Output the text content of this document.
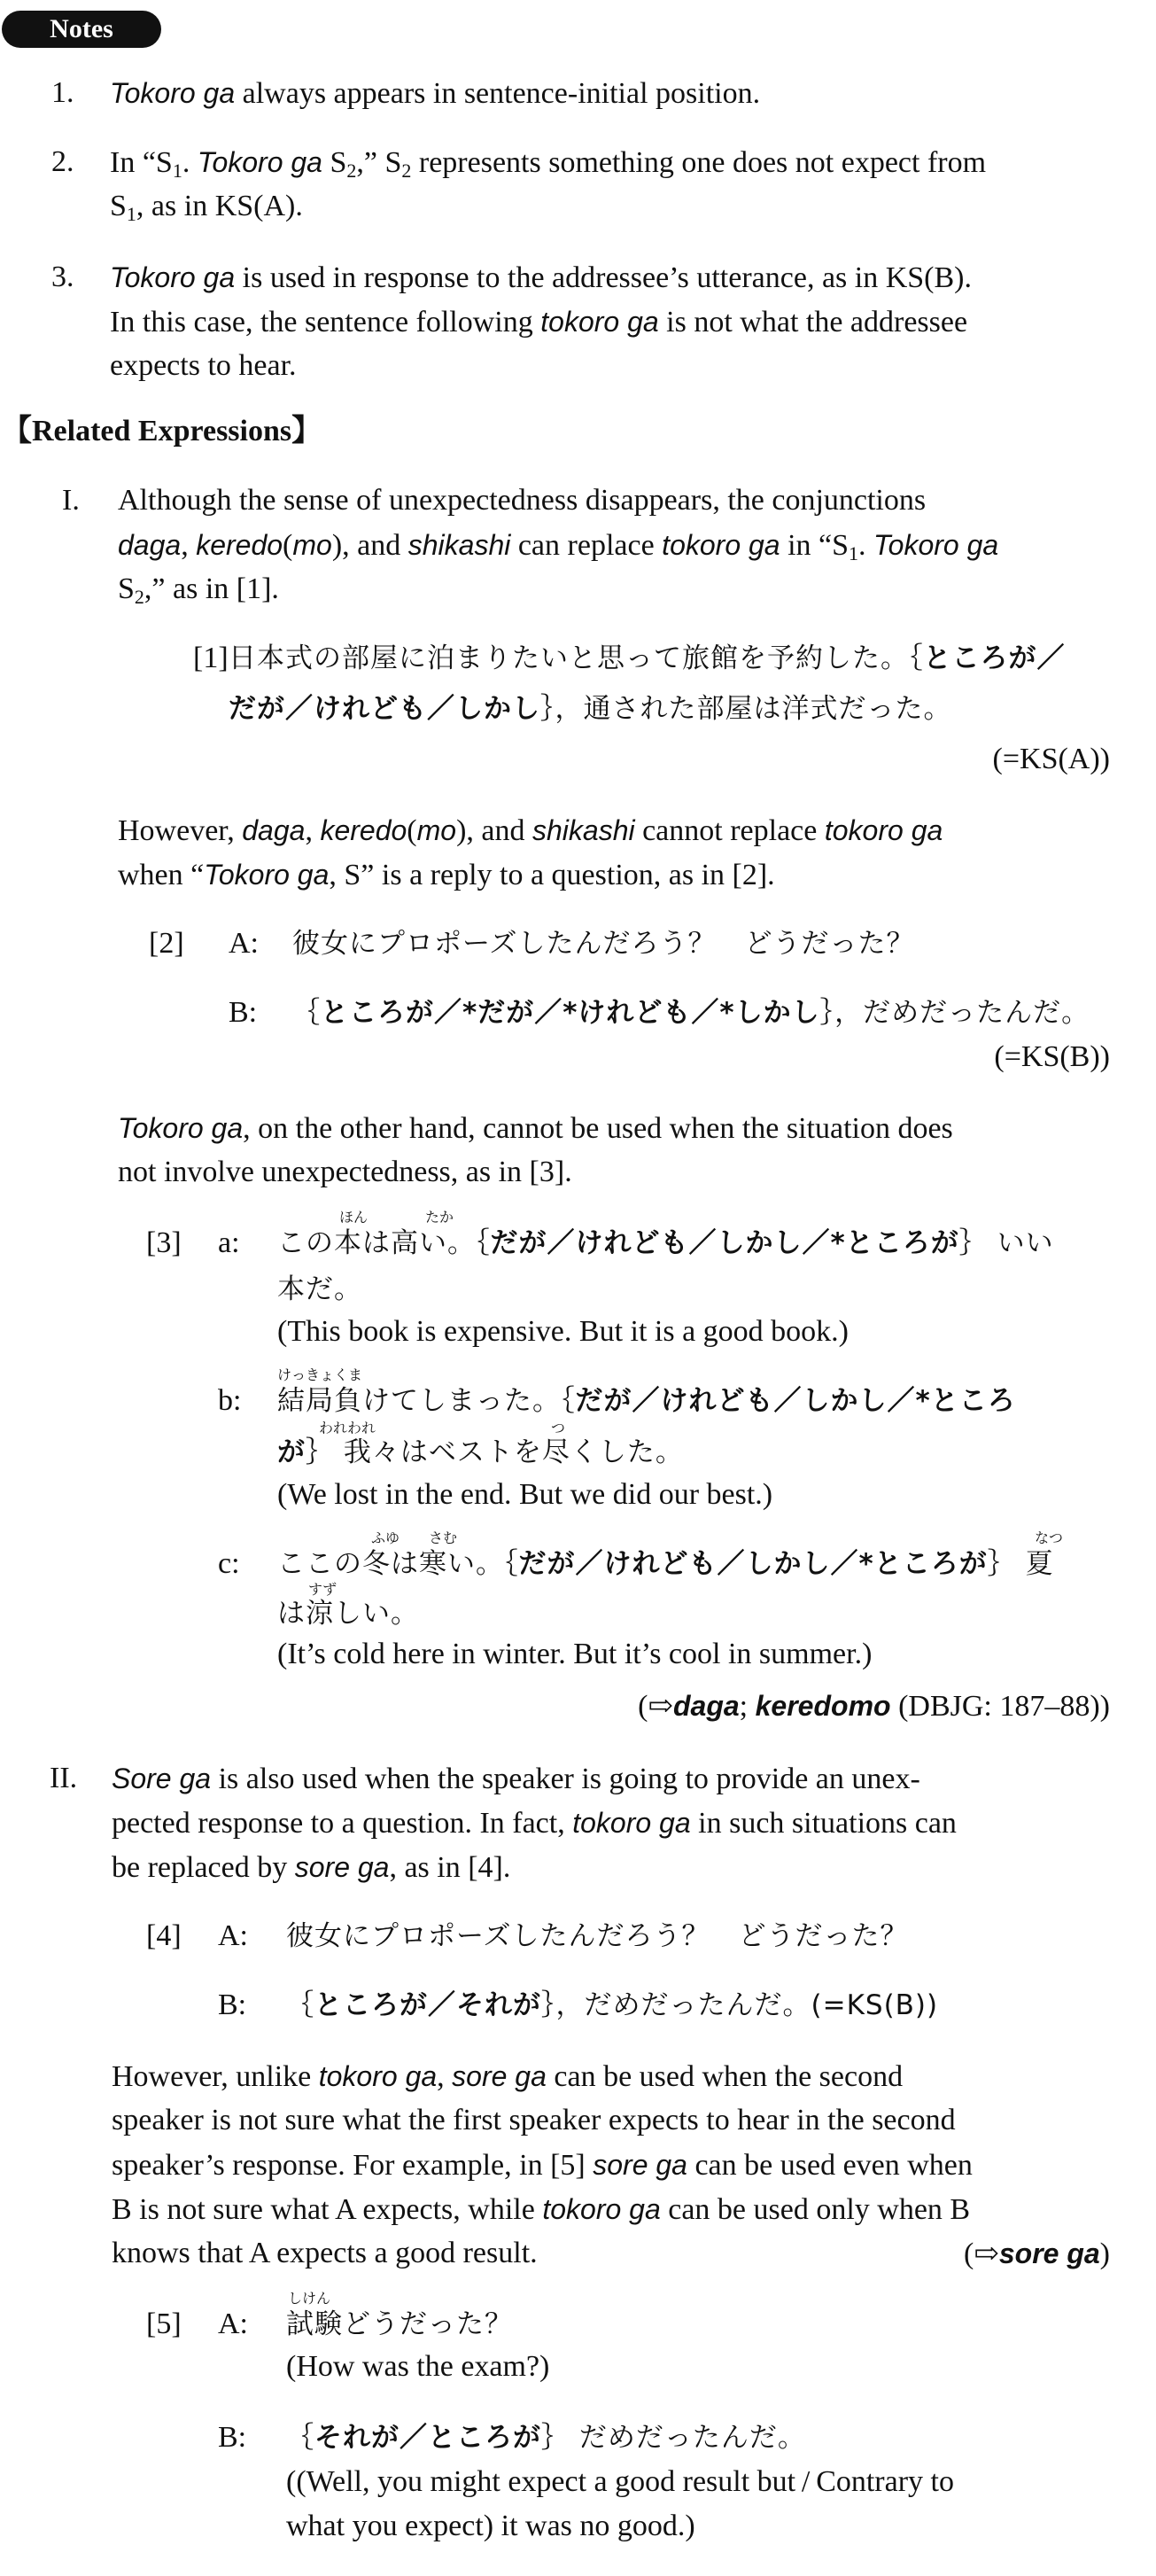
Notes
1. Tokoro ga always appears in sentence-initial position.
2. In “$S_1$. Tokoro ga $S_2$,” $S_2$ represents something one does not expect from
$S_1$, as in KS(A).
3. Tokoro ga is used in response to the addressee’s utterance, as in KS(B).
In this case, the sentence following tokoro ga is not what the addressee
expects to hear.
【Related Expressions】
I. Although the sense of unexpectedness disappears, the conjunctions
daga, keredo(mo), and shikashi can replace tokoro ga in “$S_1$. Tokoro ga
$S_2$,” as in [1].
[1] 日本式の部屋に泊まりたいと思って旅館を予約した。｛ところが／
だが／けれども／しかし｝，通された部屋は洋式だった。
(=KS(A))
However, daga, keredo(mo), and shikashi cannot replace tokoro ga
when “Tokoro ga, S” is a reply to a question, as in [2].
[2] A: 彼女にプロポーズしたんだろう？　どうだった？
B: ｛ところが／*だが／*けれども／*しかし｝，だめだったんだ。
(=KS(B))
Tokoro ga, on the other hand, cannot be used when the situation does
not involve unexpectedness, as in [3].
[3] a:
ほん	たか
この本は高い。｛だが／けれども／しかし／*ところが｝ いい
本だ。
(This book is expensive. But it is a good book.)
b:
けっきょくま
われわれ	つ
結局負けてしまった。｛だが／けれども／しかし／*ところ
が｝ 我々はベストを尽くした。
(We lost in the end. But we did our best.)
c:
ふゆ さむ	なつ
すず
ここの冬は寒い。｛だが／けれども／しかし／*ところが｝ 夏
は涼しい。
(It’s cold here in winter. But it’s cool in summer.)
(⇨daga; keredomo (DBJG: 187–88))
II. Sore ga is also used when the speaker is going to provide an unex-
pected response to a question. In fact, tokoro ga in such situations can
be replaced by sore ga, as in [4].
[4] A: 彼女にプロポーズしたんだろう？　どうだった？
B: ｛ところが／それが｝，だめだったんだ。(=KS(B))
However, unlike tokoro ga, sore ga can be used when the second
speaker is not sure what the first speaker expects to hear in the second
speaker’s response. For example, in [5] sore ga can be used even when
B is not sure what A expects, while tokoro ga can be used only when B
knows that A expects a good result.	(⇨sore ga)
[5] A:
しけん
試験どうだった？
(How was the exam?)
B: ｛それが／ところが｝ だめだったんだ。
((Well, you might expect a good result but / Contrary to
what you expect) it was no good.)
